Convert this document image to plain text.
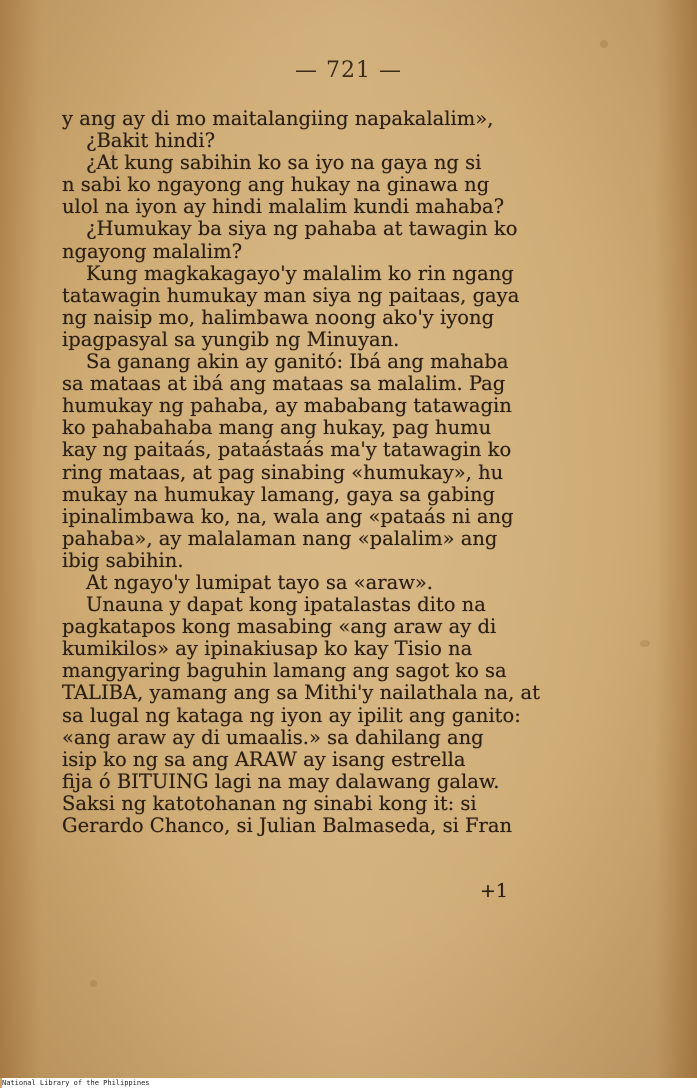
— 721 —
y ang ay di mo maitalangiing napakalalim»,
¿Bakit hindi?
¿At kung sabihin ko sa iyo na gaya ng si
n sabi ko ngayong ang hukay na ginawa ng
ulol na iyon ay hindi malalim kundi mahaba?
¿Humukay ba siya ng pahaba at tawagin ko
ngayong malalim?
Kung magkakagayo'y malalim ko rin ngang
tatawagin humukay man siya ng paitaas, gaya
ng naisip mo, halimbawa noong ako'y iyong
ipagpasyal sa yungib ng Minuyan.
Sa ganang akin ay ganitó: Ibá ang mahaba
sa mataas at ibá ang mataas sa malalim. Pag
humukay ng pahaba, ay mababang tatawagin
ko pahabahaba mang ang hukay, pag humu
kay ng paitaás, pataástaás ma'y tatawagin ko
ring mataas, at pag sinabing «humukay», hu
mukay na humukay lamang, gaya sa gabing
ipinalimbawa ko, na, wala ang «pataás ni ang
pahaba», ay malalaman nang «palalim» ang
ibig sabihin.
At ngayo'y lumipat tayo sa «araw».
Unauna y dapat kong ipatalastas dito na
pagkatapos kong masabing «ang araw ay di
kumikilos» ay ipinakiusap ko kay Tisio na
mangyaring baguhin lamang ang sagot ko sa
TALIBA, yamang ang sa Mithi'y nailathala na, at
sa lugal ng kataga ng iyon ay ipilit ang ganito:
«ang araw ay di umaalis.» sa dahilang ang
isip ko ng sa ang ARAW ay isang estrella
fija ó BITUING lagi na may dalawang galaw.
Saksi ng katotohanan ng sinabi kong it: si
Gerardo Chanco, si Julian Balmaseda, si Fran
+1
National Library of the Philippines
